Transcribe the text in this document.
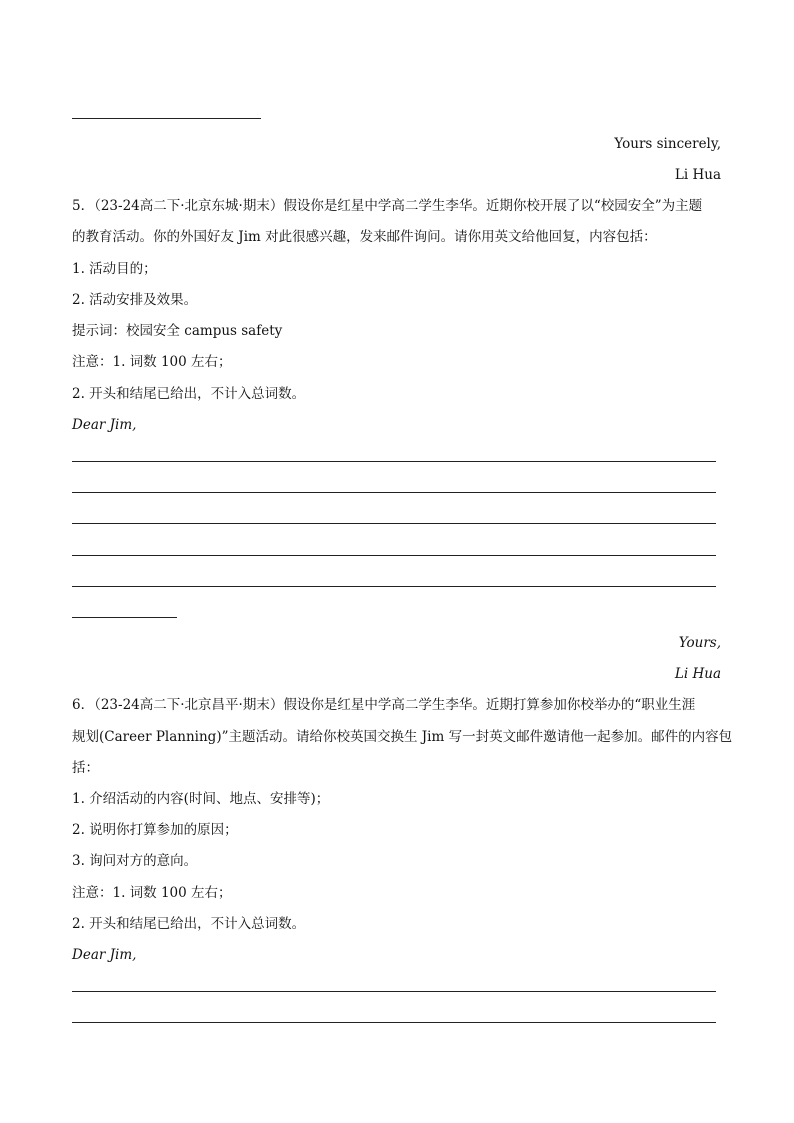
Yours sincerely,
Li Hua
5．（23-24高二下·北京东城·期末）假设你是红星中学高二学生李华。近期你校开展了以“校园安全”为主题
的教育活动。你的外国好友 Jim 对此很感兴趣，发来邮件询问。请你用英文给他回复，内容包括：
1. 活动目的；
2. 活动安排及效果。
提示词：校园安全 campus safety
注意：1. 词数 100 左右；
2. 开头和结尾已给出，不计入总词数。
Dear Jim,
Yours,
Li Hua
6．（23-24高二下·北京昌平·期末）假设你是红星中学高二学生李华。近期打算参加你校举办的“职业生涯
规划(Career Planning)”主题活动。请给你校英国交换生 Jim 写一封英文邮件邀请他一起参加。邮件的内容包
括：
1. 介绍活动的内容(时间、地点、安排等)；
2. 说明你打算参加的原因；
3. 询问对方的意向。
注意：1. 词数 100 左右；
2. 开头和结尾已给出，不计入总词数。
Dear Jim,
